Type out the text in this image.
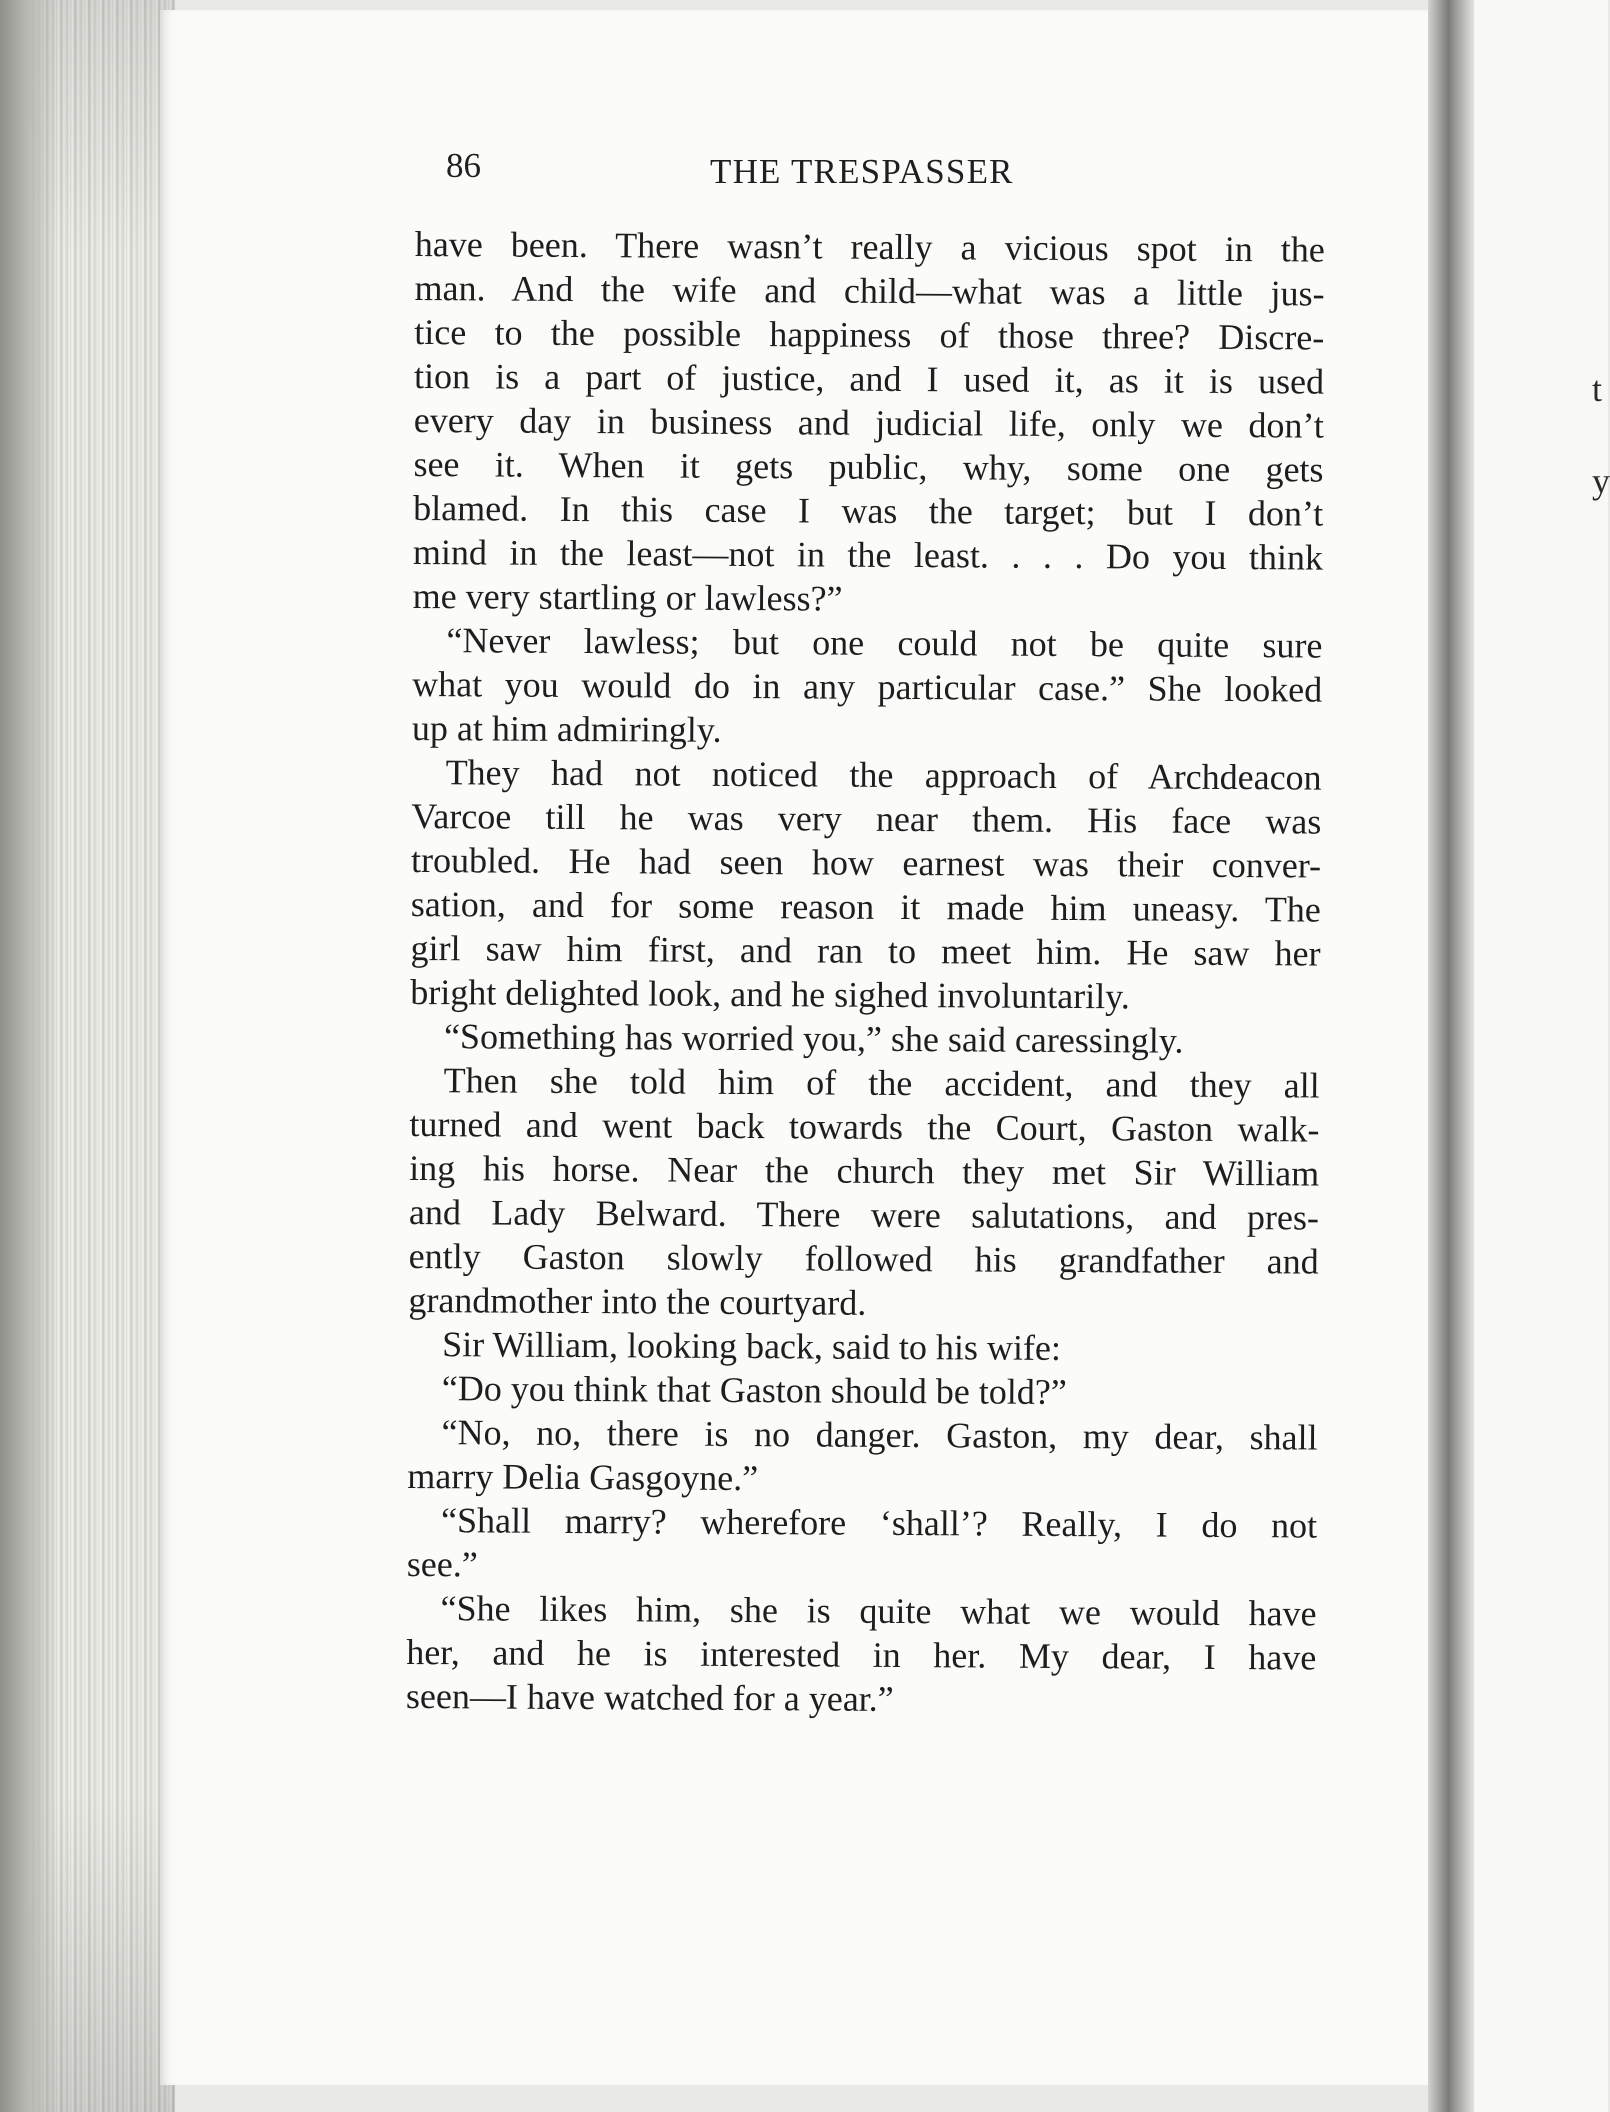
t
y
86	THE TRESPASSER
have been. There wasn’t really a vicious spot in the
man. And the wife and child—what was a little jus-
tice to the possible happiness of those three? Discre-
tion is a part of justice, and I used it, as it is used
every day in business and judicial life, only we don’t
see it. When it gets public, why, some one gets
blamed. In this case I was the target; but I don’t
mind in the least—not in the least. . . . Do you think
me very startling or lawless?”
“Never lawless; but one could not be quite sure
what you would do in any particular case.” She looked
up at him admiringly.
They had not noticed the approach of Archdeacon
Varcoe till he was very near them. His face was
troubled. He had seen how earnest was their conver-
sation, and for some reason it made him uneasy. The
girl saw him first, and ran to meet him. He saw her
bright delighted look, and he sighed involuntarily.
“Something has worried you,” she said caressingly.
Then she told him of the accident, and they all
turned and went back towards the Court, Gaston walk-
ing his horse. Near the church they met Sir William
and Lady Belward. There were salutations, and pres-
ently Gaston slowly followed his grandfather and
grandmother into the courtyard.
Sir William, looking back, said to his wife:
“Do you think that Gaston should be told?”
“No, no, there is no danger. Gaston, my dear, shall
marry Delia Gasgoyne.”
“Shall marry? wherefore ‘shall’? Really, I do not
see.”
“She likes him, she is quite what we would have
her, and he is interested in her. My dear, I have
seen—I have watched for a year.”
